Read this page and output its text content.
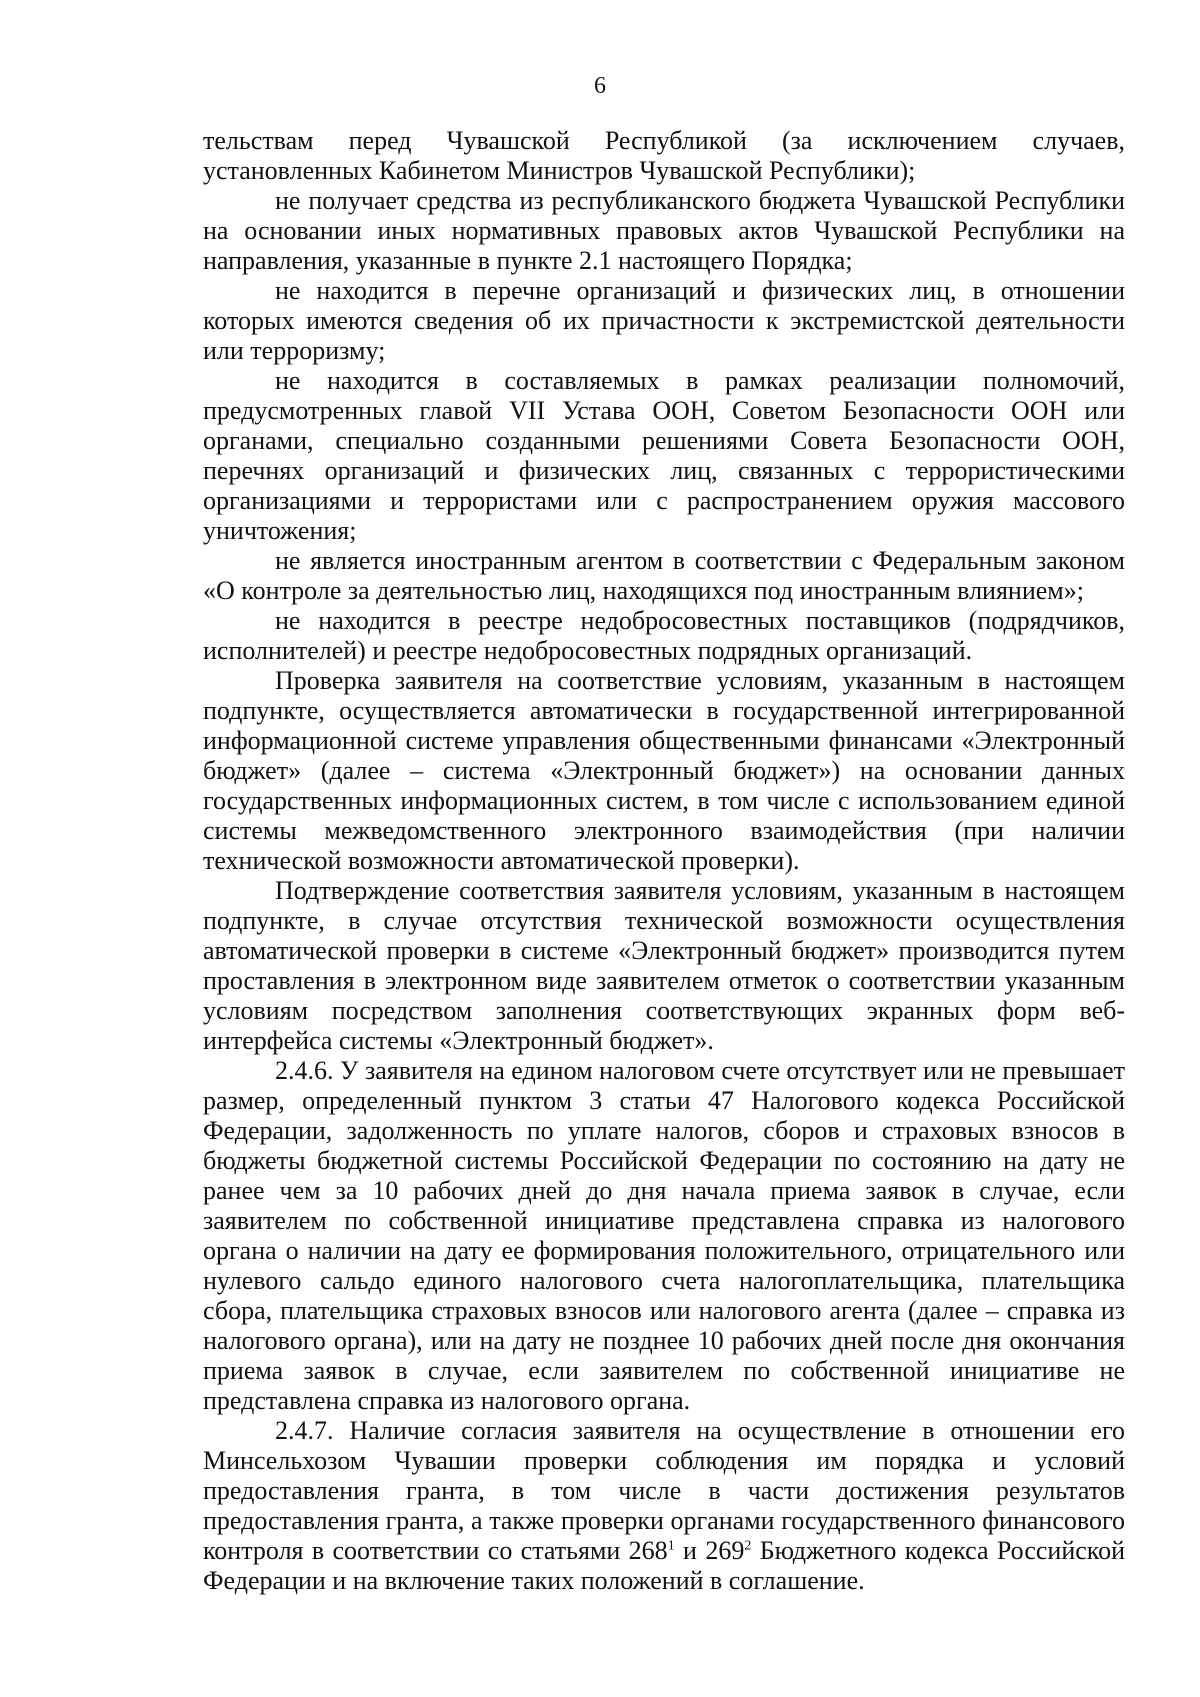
6

тельствам перед Чувашской Республикой (за исключением случаев, установленных Кабинетом Министров Чувашской Республики);

не получает средства из республиканского бюджета Чувашской Республики на основании иных нормативных правовых актов Чувашской Республики на направления, указанные в пункте 2.1 настоящего Порядка;

не находится в перечне организаций и физических лиц, в отношении которых имеются сведения об их причастности к экстремистской деятельности или терроризму;

не находится в составляемых в рамках реализации полномочий, предусмотренных главой VII Устава ООН, Советом Безопасности ООН или органами, специально созданными решениями Совета Безопасности ООН, перечнях организаций и физических лиц, связанных с террористическими организациями и террористами или с распространением оружия массового уничтожения;

не является иностранным агентом в соответствии с Федеральным законом «О контроле за деятельностью лиц, находящихся под иностранным влиянием»;

не находится в реестре недобросовестных поставщиков (подрядчиков, исполнителей) и реестре недобросовестных подрядных организаций.

Проверка заявителя на соответствие условиям, указанным в настоящем подпункте, осуществляется автоматически в государственной интегрированной информационной системе управления общественными финансами «Электронный бюджет» (далее – система «Электронный бюджет») на основании данных государственных информационных систем, в том числе с использованием единой системы межведомственного электронного взаимодействия (при наличии технической возможности автоматической проверки).

Подтверждение соответствия заявителя условиям, указанным в настоящем подпункте, в случае отсутствия технической возможности осуществления автоматической проверки в системе «Электронный бюджет» производится путем проставления в электронном виде заявителем отметок о соответствии указанным условиям посредством заполнения соответствующих экранных форм веб-интерфейса системы «Электронный бюджет».

2.4.6. У заявителя на едином налоговом счете отсутствует или не превышает размер, определенный пунктом 3 статьи 47 Налогового кодекса Российской Федерации, задолженность по уплате налогов, сборов и страховых взносов в бюджеты бюджетной системы Российской Федерации по состоянию на дату не ранее чем за 10 рабочих дней до дня начала приема заявок в случае, если заявителем по собственной инициативе представлена справка из налогового органа о наличии на дату ее формирования положительного, отрицательного или нулевого сальдо единого налогового счета налогоплательщика, плательщика сбора, плательщика страховых взносов или налогового агента (далее – справка из налогового органа), или на дату не позднее 10 рабочих дней после дня окончания приема заявок в случае, если заявителем по собственной инициативе не представлена справка из налогового органа.

2.4.7. Наличие согласия заявителя на осуществление в отношении его Минсельхозом Чувашии проверки соблюдения им порядка и условий предоставления гранта, в том числе в части достижения результатов предоставления гранта, а также проверки органами государственного финансового контроля в соответствии со статьями $268^1$ и $269^2$ Бюджетного кодекса Российской Федерации и на включение таких положений в соглашение.
